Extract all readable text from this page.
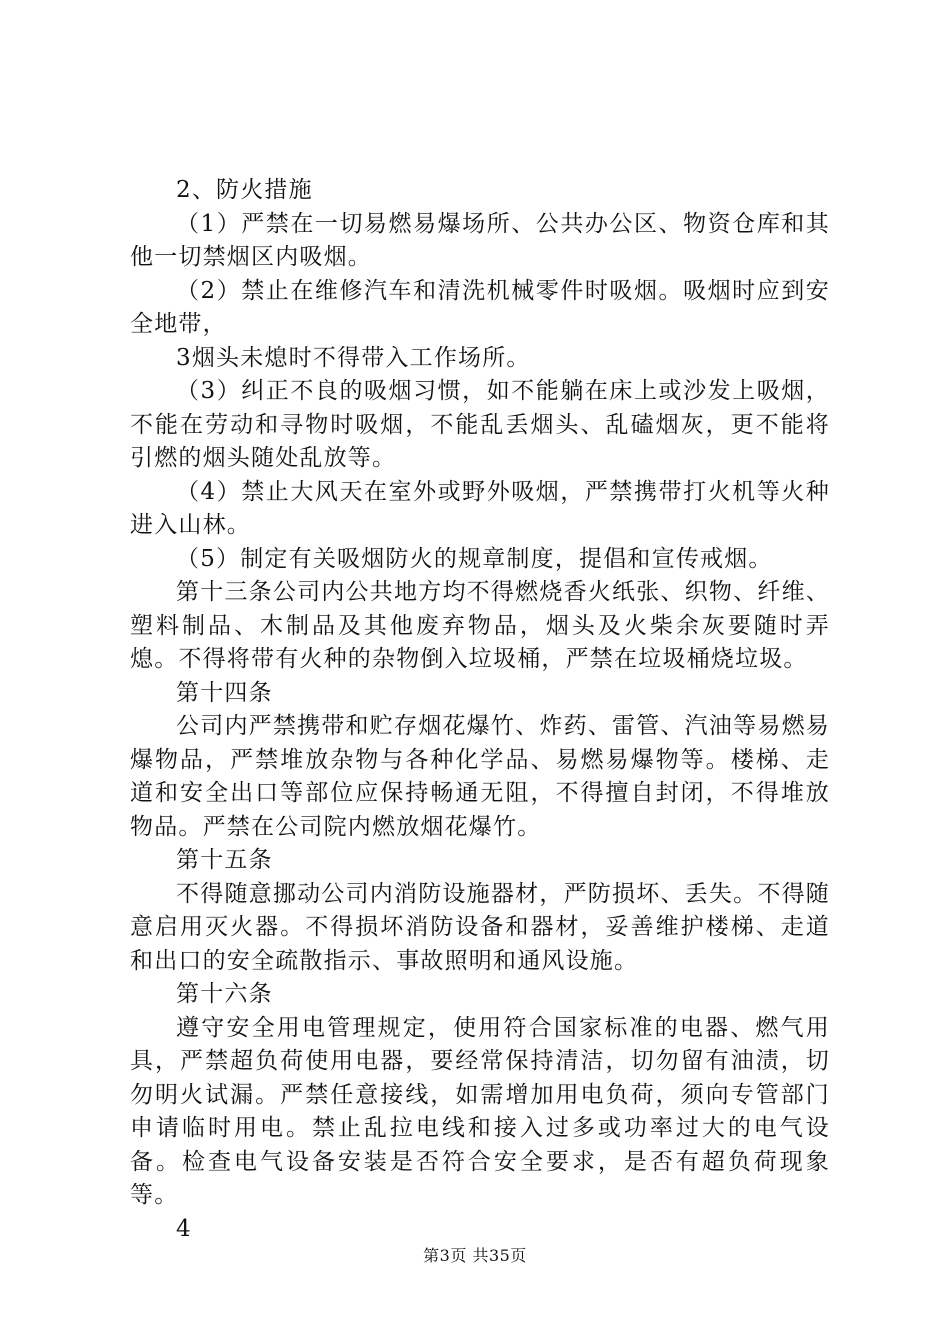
2、防火措施

（1）严禁在一切易燃易爆场所、公共办公区、物资仓库和其他一切禁烟区内吸烟。

（2）禁止在维修汽车和清洗机械零件时吸烟。吸烟时应到安全地带，

3烟头未熄时不得带入工作场所。

（3）纠正不良的吸烟习惯，如不能躺在床上或沙发上吸烟，不能在劳动和寻物时吸烟，不能乱丢烟头、乱磕烟灰，更不能将引燃的烟头随处乱放等。

（4）禁止大风天在室外或野外吸烟，严禁携带打火机等火种进入山林。

（5）制定有关吸烟防火的规章制度，提倡和宣传戒烟。

第十三条公司内公共地方均不得燃烧香火纸张、织物、纤维、塑料制品、木制品及其他废弃物品，烟头及火柴余灰要随时弄熄。不得将带有火种的杂物倒入垃圾桶，严禁在垃圾桶烧垃圾。

第十四条

公司内严禁携带和贮存烟花爆竹、炸药、雷管、汽油等易燃易爆物品，严禁堆放杂物与各种化学品、易燃易爆物等。楼梯、走道和安全出口等部位应保持畅通无阻，不得擅自封闭，不得堆放物品。严禁在公司院内燃放烟花爆竹。

第十五条

不得随意挪动公司内消防设施器材，严防损坏、丢失。不得随意启用灭火器。不得损坏消防设备和器材，妥善维护楼梯、走道和出口的安全疏散指示、事故照明和通风设施。

第十六条

遵守安全用电管理规定，使用符合国家标准的电器、燃气用具，严禁超负荷使用电器，要经常保持清洁，切勿留有油渍，切勿明火试漏。严禁任意接线，如需增加用电负荷，须向专管部门申请临时用电。禁止乱拉电线和接入过多或功率过大的电气设备。检查电气设备安装是否符合安全要求，是否有超负荷现象等。

4

第3页 共35页
